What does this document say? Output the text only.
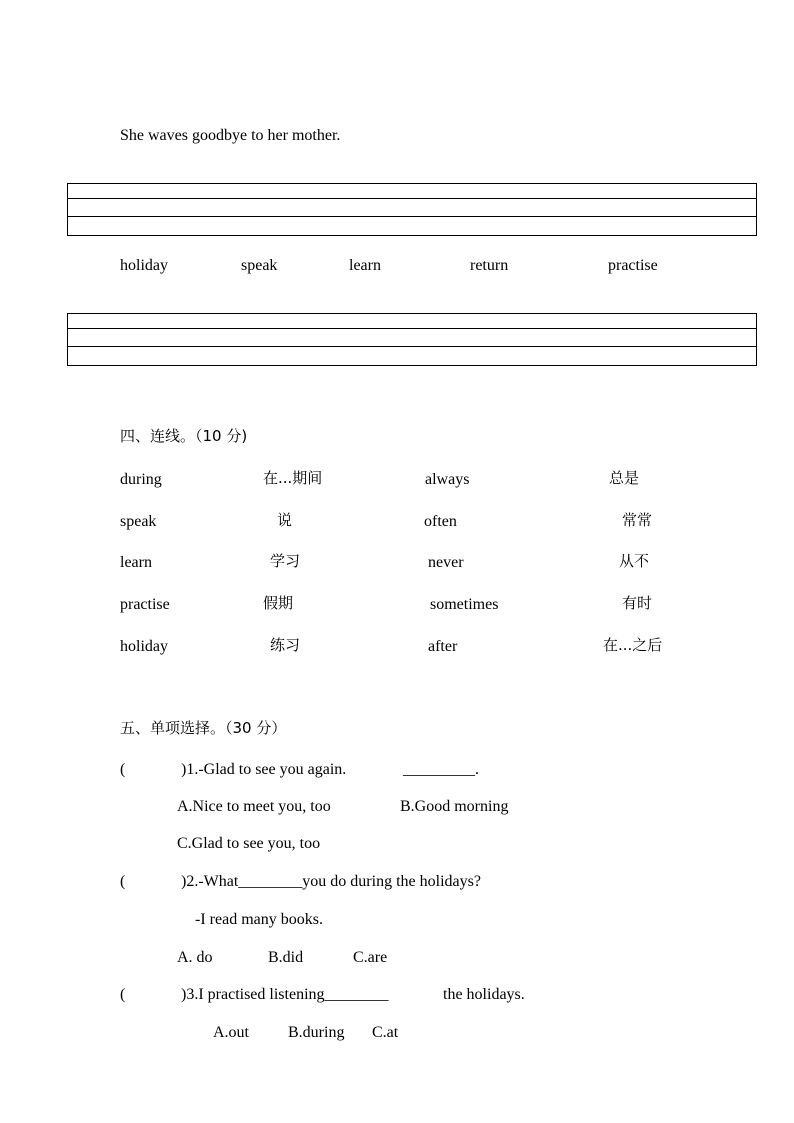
She waves goodbye to her mother.
holiday	speak	learn	return	practise
四、连线。（10 分)
during	在...期间	always	总是
speak	说	often	常常
learn	学习	never	从不
practise	假期	sometimes	有时
holiday	练习	after	在...之后
五、单项选择。（30 分）
(	)1.-Glad to see you again.	_________.
A.Nice to meet you, too	B.Good morning
C.Glad to see you, too
(	)2.-What________you do during the holidays?
-I read many books.
A. do	B.did	C.are
(	)3.I practised listening________	the holidays.
A.out B.during C.at
